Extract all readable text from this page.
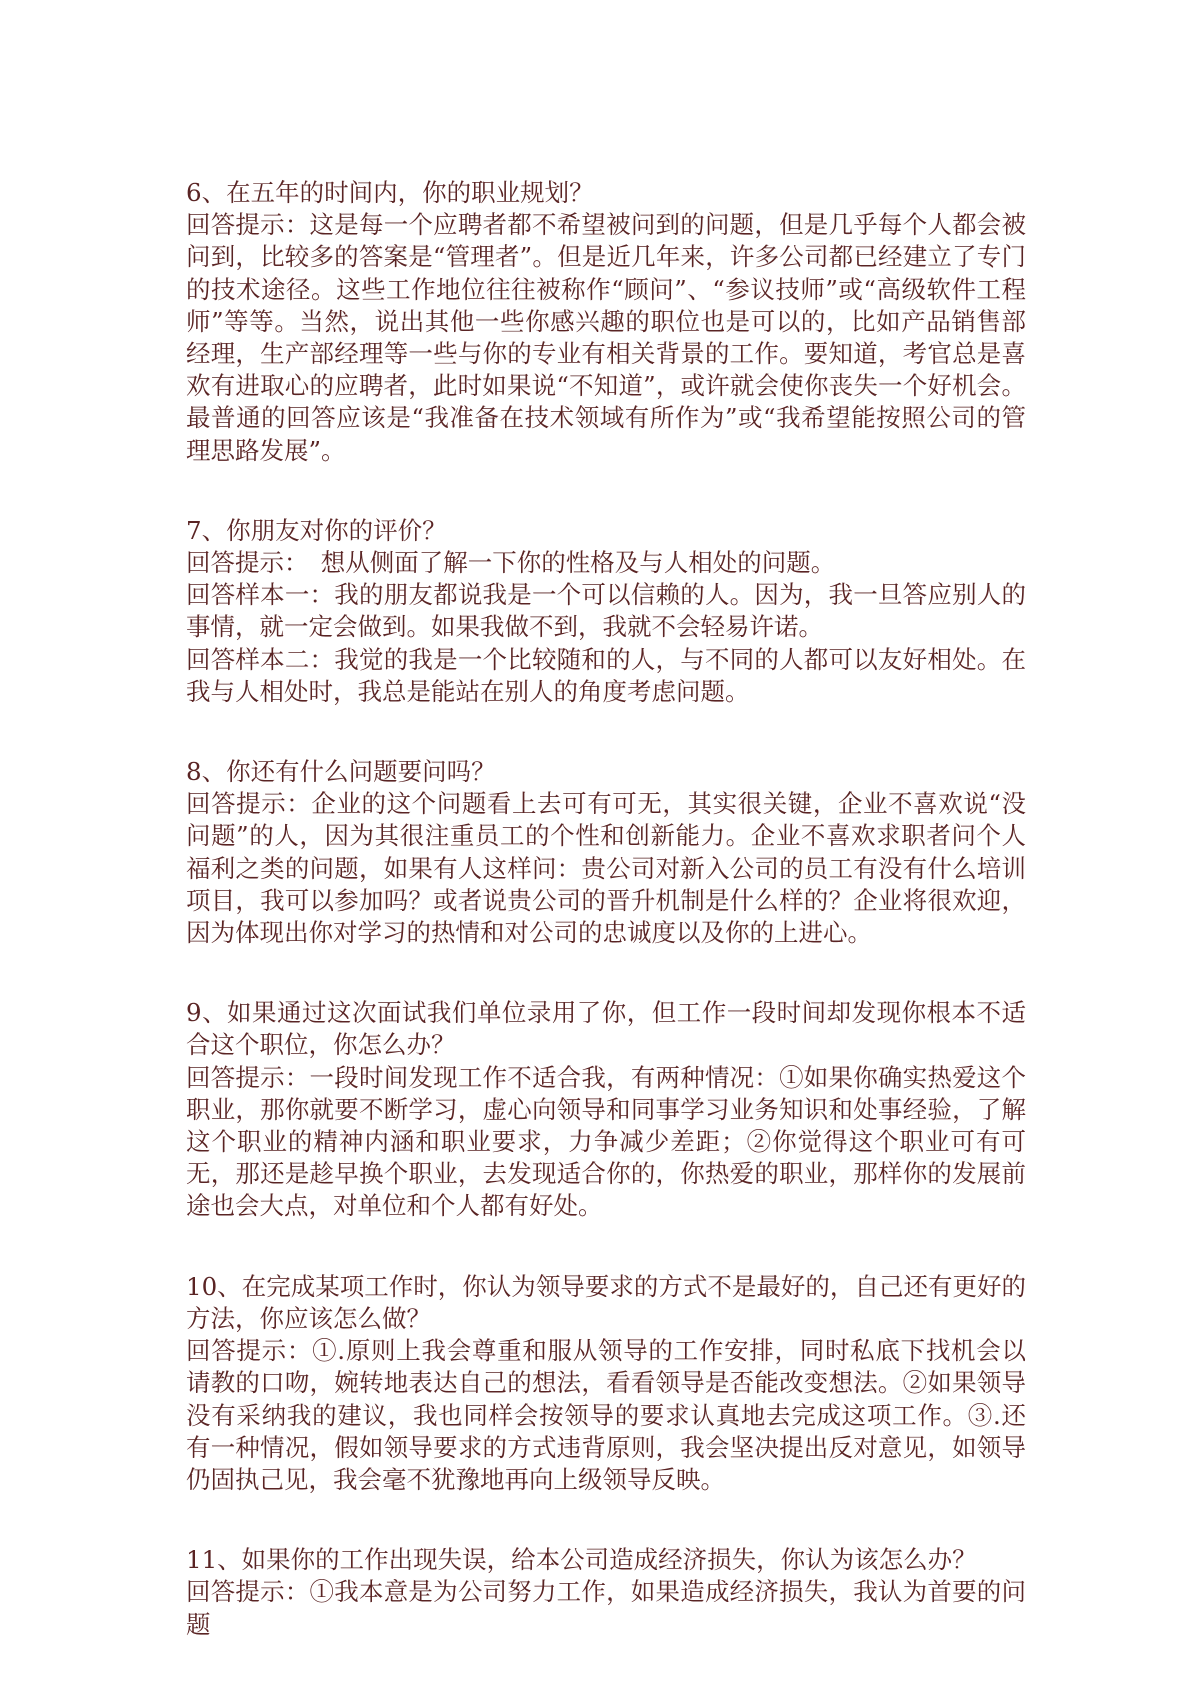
6、在五年的时间内，你的职业规划？

回答提示：这是每一个应聘者都不希望被问到的问题，但是几乎每个人都会被问到，比较多的答案是“管理者”。但是近几年来，许多公司都已经建立了专门的技术途径。这些工作地位往往被称作“顾问”、“参议技师”或“高级软件工程师”等等。当然，说出其他一些你感兴趣的职位也是可以的，比如产品销售部经理，生产部经理等一些与你的专业有相关背景的工作。要知道，考官总是喜欢有进取心的应聘者，此时如果说“不知道”，或许就会使你丧失一个好机会。最普通的回答应该是“我准备在技术领域有所作为”或“我希望能按照公司的管理思路发展”。

7、你朋友对你的评价？

回答提示：　想从侧面了解一下你的性格及与人相处的问题。

回答样本一：我的朋友都说我是一个可以信赖的人。因为，我一旦答应别人的事情，就一定会做到。如果我做不到，我就不会轻易许诺。

回答样本二：我觉的我是一个比较随和的人，与不同的人都可以友好相处。在我与人相处时，我总是能站在别人的角度考虑问题。

8、你还有什么问题要问吗？

回答提示：企业的这个问题看上去可有可无，其实很关键，企业不喜欢说“没问题”的人，因为其很注重员工的个性和创新能力。企业不喜欢求职者问个人福利之类的问题，如果有人这样问：贵公司对新入公司的员工有没有什么培训项目，我可以参加吗？或者说贵公司的晋升机制是什么样的？企业将很欢迎，因为体现出你对学习的热情和对公司的忠诚度以及你的上进心。

9、如果通过这次面试我们单位录用了你，但工作一段时间却发现你根本不适合这个职位，你怎么办？

回答提示：一段时间发现工作不适合我，有两种情况：①如果你确实热爱这个职业，那你就要不断学习，虚心向领导和同事学习业务知识和处事经验，了解这个职业的精神内涵和职业要求，力争减少差距；②你觉得这个职业可有可无，那还是趁早换个职业，去发现适合你的，你热爱的职业，那样你的发展前途也会大点，对单位和个人都有好处。

10、在完成某项工作时，你认为领导要求的方式不是最好的，自己还有更好的方法，你应该怎么做？

回答提示：①.原则上我会尊重和服从领导的工作安排，同时私底下找机会以请教的口吻，婉转地表达自己的想法，看看领导是否能改变想法。②如果领导没有采纳我的建议，我也同样会按领导的要求认真地去完成这项工作。③.还有一种情况，假如领导要求的方式违背原则，我会坚决提出反对意见，如领导仍固执己见，我会毫不犹豫地再向上级领导反映。

11、如果你的工作出现失误，给本公司造成经济损失，你认为该怎么办？

回答提示：①我本意是为公司努力工作，如果造成经济损失，我认为首要的问题
